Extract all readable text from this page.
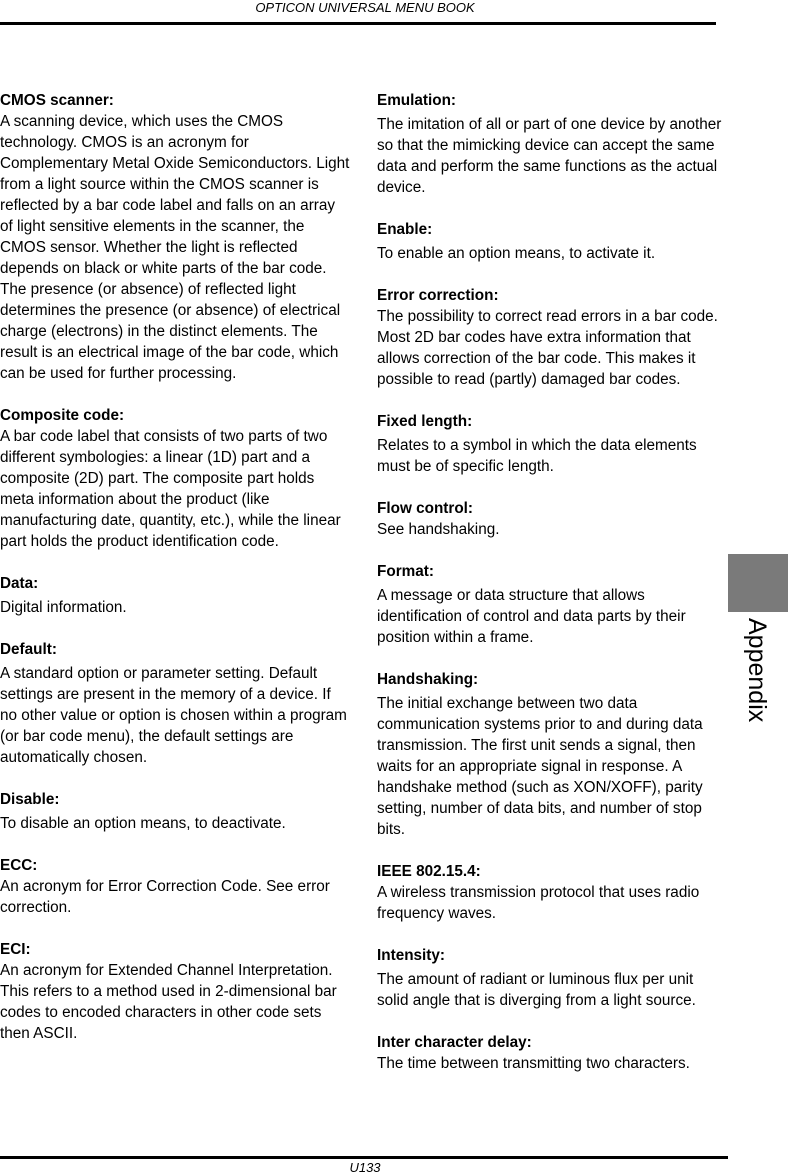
OPTICON UNIVERSAL MENU BOOK
CMOS scanner:
A scanning device, which uses the CMOS technology. CMOS is an acronym for Complementary Metal Oxide Semiconductors. Light from a light source within the CMOS scanner is reflected by a bar code label and falls on an array of light sensitive elements in the scanner, the CMOS sensor. Whether the light is reflected depends on black or white parts of the bar code. The presence (or absence) of reflected light determines the presence (or absence) of electrical charge (electrons) in the distinct elements. The result is an electrical image of the bar code, which can be used for further processing.
Composite code:
A bar code label that consists of two parts of two different symbologies: a linear (1D) part and a composite (2D) part. The composite part holds meta information about the product (like manufacturing date, quantity, etc.), while the linear part holds the product identification code.
Data:
Digital information.
Default:
A standard option or parameter setting. Default settings are present in the memory of a device. If no other value or option is chosen within a program (or bar code menu), the default settings are automatically chosen.
Disable:
To disable an option means, to deactivate.
ECC:
An acronym for Error Correction Code. See error correction.
ECI:
An acronym for Extended Channel Interpretation. This refers to a method used in 2-dimensional bar codes to encoded characters in other code sets then ASCII.
Emulation:
The imitation of all or part of one device by another so that the mimicking device can accept the same data and perform the same functions as the actual device.
Enable:
To enable an option means, to activate it.
Error correction:
The possibility to correct read errors in a bar code. Most 2D bar codes have extra information that allows correction of the bar code. This makes it possible to read (partly) damaged bar codes.
Fixed length:
Relates to a symbol in which the data elements must be of specific length.
Flow control:
See handshaking.
Format:
A message or data structure that allows identification of control and data parts by their position within a frame.
Handshaking:
The initial exchange between two data communication systems prior to and during data transmission. The first unit sends a signal, then waits for an appropriate signal in response. A handshake method (such as XON/XOFF), parity setting, number of data bits, and number of stop bits.
IEEE 802.15.4:
A wireless transmission protocol that uses radio frequency waves.
Intensity:
The amount of radiant or luminous flux per unit solid angle that is diverging from a light source.
Inter character delay:
The time between transmitting two characters.
Appendix
U133
